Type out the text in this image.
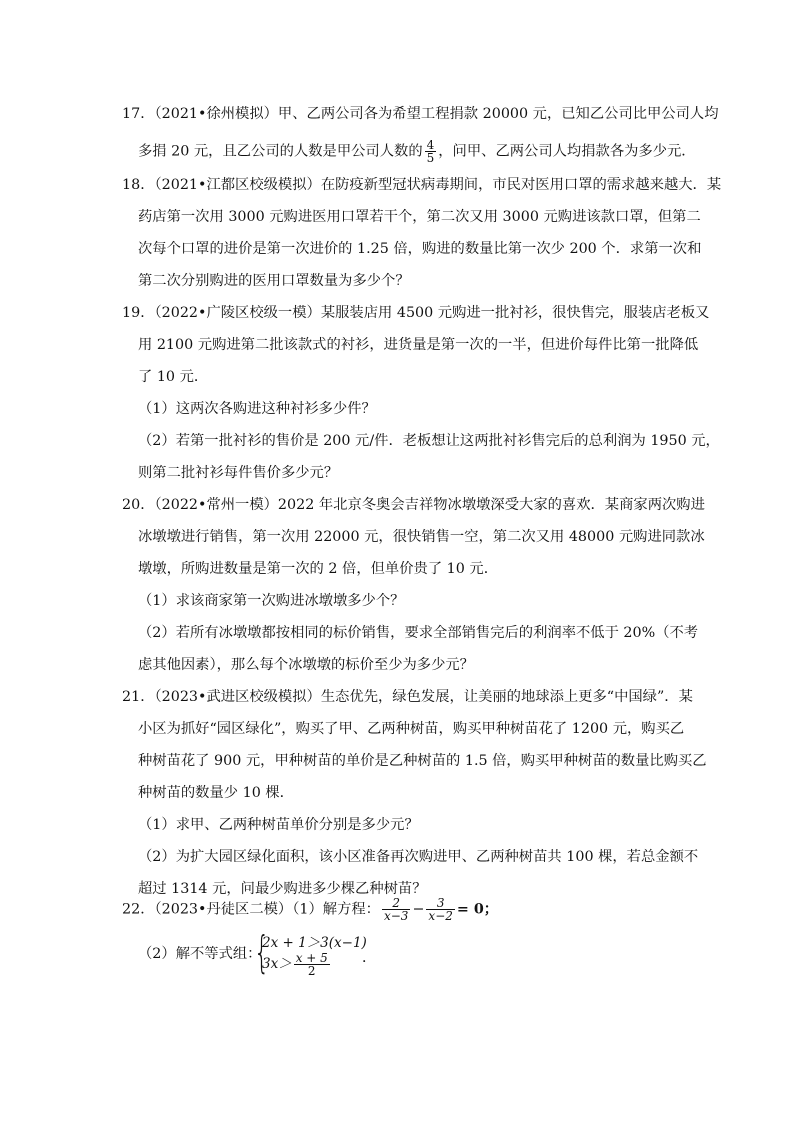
17．（2021•徐州模拟）甲、乙两公司各为希望工程捐款 20000 元，已知乙公司比甲公司人均
多捐 20 元，且乙公司的人数是甲公司人数的 $\frac{4}{5}$ ，问甲、乙两公司人均捐款各为多少元．
18．（2021•江都区校级模拟）在防疫新型冠状病毒期间，市民对医用口罩的需求越来越大．某
药店第一次用 3000 元购进医用口罩若干个，第二次又用 3000 元购进该款口罩，但第二
次每个口罩的进价是第一次进价的 1.25 倍，购进的数量比第一次少 200 个．求第一次和
第二次分别购进的医用口罩数量为多少个？
19．（2022•广陵区校级一模）某服装店用 4500 元购进一批衬衫，很快售完，服装店老板又
用 2100 元购进第二批该款式的衬衫，进货量是第一次的一半，但进价每件比第一批降低
了 10 元．
（1）这两次各购进这种衬衫多少件？
（2）若第一批衬衫的售价是 200 元/件．老板想让这两批衬衫售完后的总利润为 1950 元，
则第二批衬衫每件售价多少元？
20．（2022•常州一模）2022 年北京冬奥会吉祥物冰墩墩深受大家的喜欢．某商家两次购进
冰墩墩进行销售，第一次用 22000 元，很快销售一空，第二次又用 48000 元购进同款冰
墩墩，所购进数量是第一次的 2 倍，但单价贵了 10 元．
（1）求该商家第一次购进冰墩墩多少个？
（2）若所有冰墩墩都按相同的标价销售，要求全部销售完后的利润率不低于 20%（不考
虑其他因素），那么每个冰墩墩的标价至少为多少元？
21．（2023•武进区校级模拟）生态优先，绿色发展，让美丽的地球添上更多“中国绿”．某
小区为抓好“园区绿化”，购买了甲、乙两种树苗，购买甲种树苗花了 1200 元，购买乙
种树苗花了 900 元，甲种树苗的单价是乙种树苗的 1.5 倍，购买甲种树苗的数量比购买乙
种树苗的数量少 10 棵．
（1）求甲、乙两种树苗单价分别是多少元？
（2）为扩大园区绿化面积，该小区准备再次购进甲、乙两种树苗共 100 棵，若总金额不
超过 1314 元，问最少购进多少棵乙种树苗？
22．（2023•丹徒区二模）（1）解方程： $\frac{2}{x-3} - \frac{3}{x-2} = 0$；
（2）解不等式组：
{
2x + 1＞3(x−1)
$3x> \frac{x + 5}{2}$ ．
